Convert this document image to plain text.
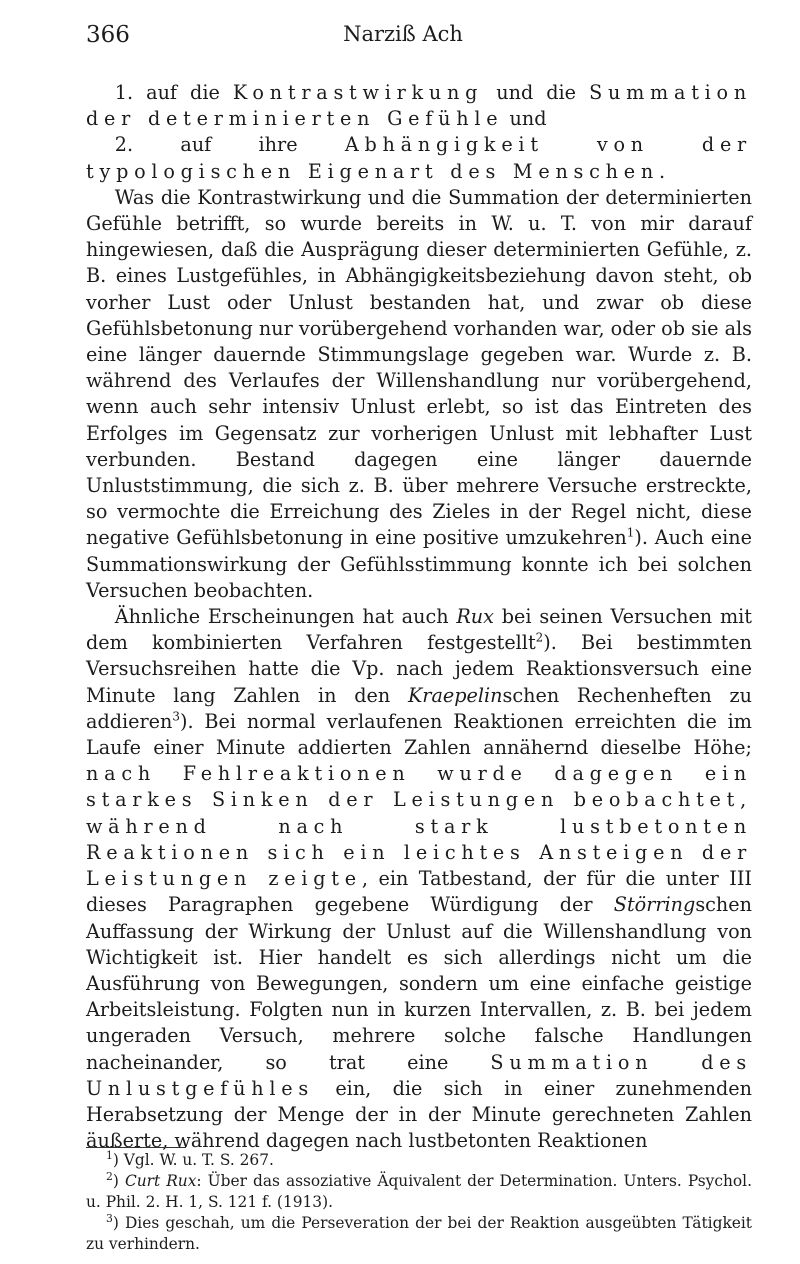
366	Narziß Ach

1. auf die Kontrastwirkung und die Summation der determinierten Gefühle und

2. auf ihre Abhängigkeit von der typologischen Eigenart des Menschen.

Was die Kontrastwirkung und die Summation der determinierten Gefühle betrifft, so wurde bereits in W. u. T. von mir darauf hingewiesen, daß die Ausprägung dieser determinierten Gefühle, z. B. eines Lustgefühles, in Abhängigkeitsbeziehung davon steht, ob vorher Lust oder Unlust bestanden hat, und zwar ob diese Gefühlsbetonung nur vorübergehend vorhanden war, oder ob sie als eine länger dauernde Stimmungslage gegeben war. Wurde z. B. während des Verlaufes der Willenshandlung nur vorübergehend, wenn auch sehr intensiv Unlust erlebt, so ist das Eintreten des Erfolges im Gegensatz zur vorherigen Unlust mit lebhafter Lust verbunden. Bestand dagegen eine länger dauernde Unluststimmung, die sich z. B. über mehrere Versuche erstreckte, so vermochte die Erreichung des Zieles in der Regel nicht, diese negative Gefühlsbetonung in eine positive umzukehren$^1$). Auch eine Summationswirkung der Gefühlsstimmung konnte ich bei solchen Versuchen beobachten.

Ähnliche Erscheinungen hat auch Rux bei seinen Versuchen mit dem kombinierten Verfahren festgestellt$^2$). Bei bestimmten Versuchsreihen hatte die Vp. nach jedem Reaktionsversuch eine Minute lang Zahlen in den Kraepelinschen Rechenheften zu addieren$^3$). Bei normal verlaufenen Reaktionen erreichten die im Laufe einer Minute addierten Zahlen annähernd dieselbe Höhe; nach Fehlreaktionen wurde dagegen ein starkes Sinken der Leistungen beobachtet, während nach stark lustbetonten Reaktionen sich ein leichtes Ansteigen der Leistungen zeigte, ein Tatbestand, der für die unter III dieses Paragraphen gegebene Würdigung der Störringschen Auffassung der Wirkung der Unlust auf die Willenshandlung von Wichtigkeit ist. Hier handelt es sich allerdings nicht um die Ausführung von Bewegungen, sondern um eine einfache geistige Arbeitsleistung. Folgten nun in kurzen Intervallen, z. B. bei jedem ungeraden Versuch, mehrere solche falsche Handlungen nacheinander, so trat eine Summation des Unlustgefühles ein, die sich in einer zunehmenden Herabsetzung der Menge der in der Minute gerechneten Zahlen äußerte, während dagegen nach lustbetonten Reaktionen

$^1$) Vgl. W. u. T. S. 267.

$^2$) Curt Rux: Über das assoziative Äquivalent der Determination. Unters. Psychol. u. Phil. 2. H. 1, S. 121 f. (1913).

$^3$) Dies geschah, um die Perseveration der bei der Reaktion ausgeübten Tätigkeit zu verhindern.
